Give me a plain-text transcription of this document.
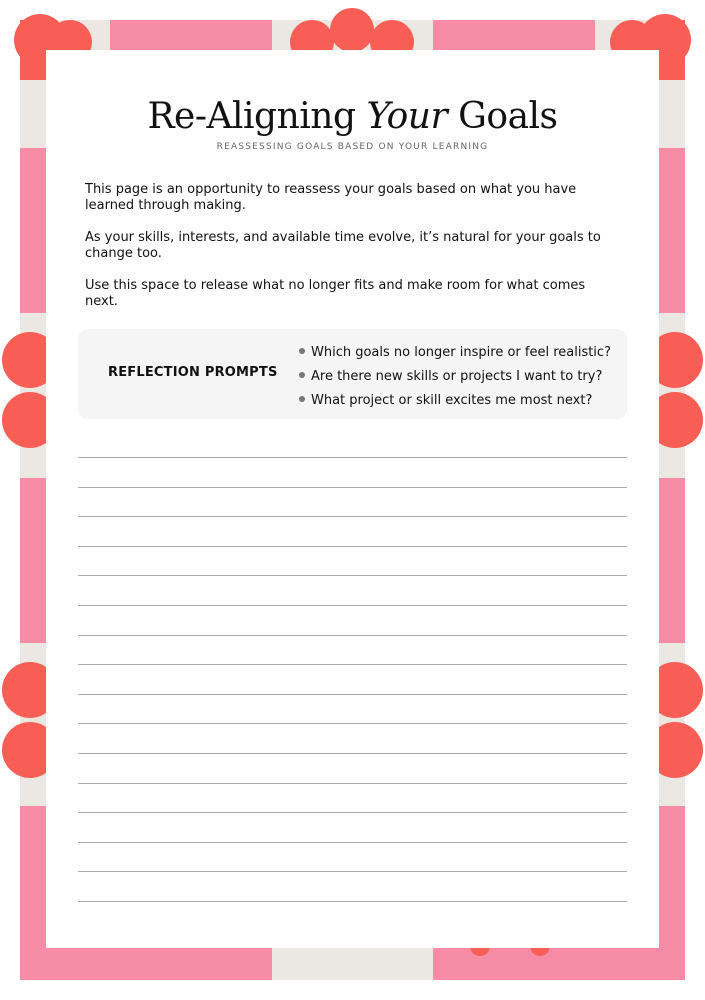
Re-Aligning Your Goals
REASSESSING GOALS BASED ON YOUR LEARNING

This page is an opportunity to reassess your goals based on what you have learned through making.

As your skills, interests, and available time evolve, it’s natural for your goals to change too.

Use this space to release what no longer fits and make room for what comes next.

REFLECTION PROMPTS
Which goals no longer inspire or feel realistic?
Are there new skills or projects I want to try?
What project or skill excites me most next?
